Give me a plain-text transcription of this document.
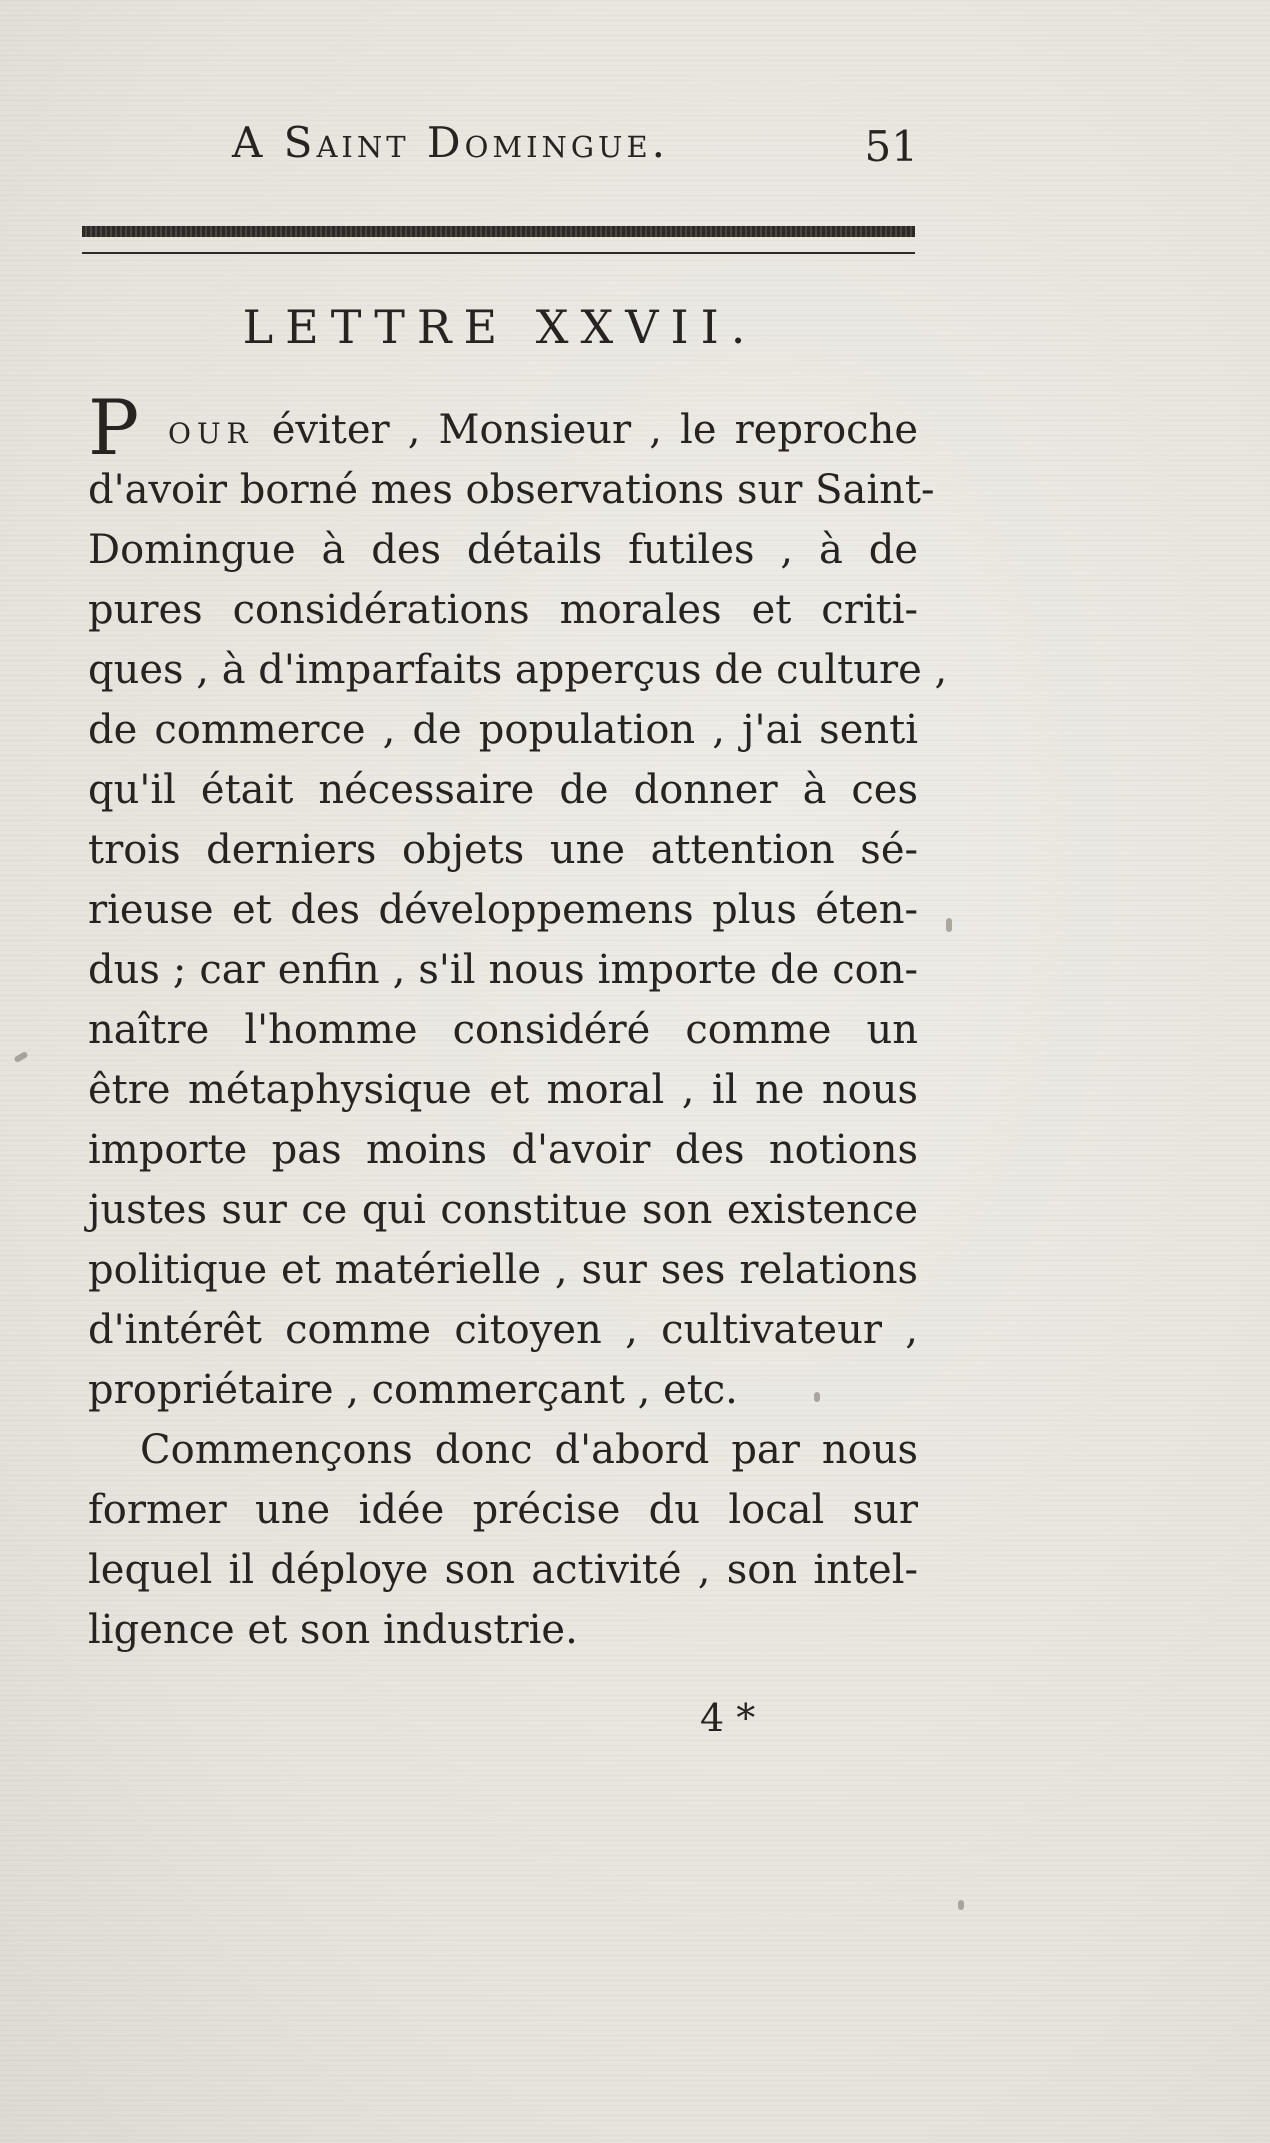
A Saint Domingue.	51
LETTRE XXVII.
P our éviter , Monsieur , le reproche
d'avoir borné mes observations sur Saint-
Domingue à des détails futiles , à de
pures considérations morales et criti-
ques , à d'imparfaits apperçus de culture ,
de commerce , de population , j'ai senti
qu'il était nécessaire de donner à ces
trois derniers objets une attention sé-
rieuse et des développemens plus éten-
dus ; car enfin , s'il nous importe de con-
naître l'homme considéré comme un
être métaphysique et moral , il ne nous
importe pas moins d'avoir des notions
justes sur ce qui constitue son existence
politique et matérielle , sur ses relations
d'intérêt comme citoyen , cultivateur ,
propriétaire , commerçant , etc.
Commençons donc d'abord par nous
former une idée précise du local sur
lequel il déploye son activité , son intel-
ligence et son industrie.
4 *
